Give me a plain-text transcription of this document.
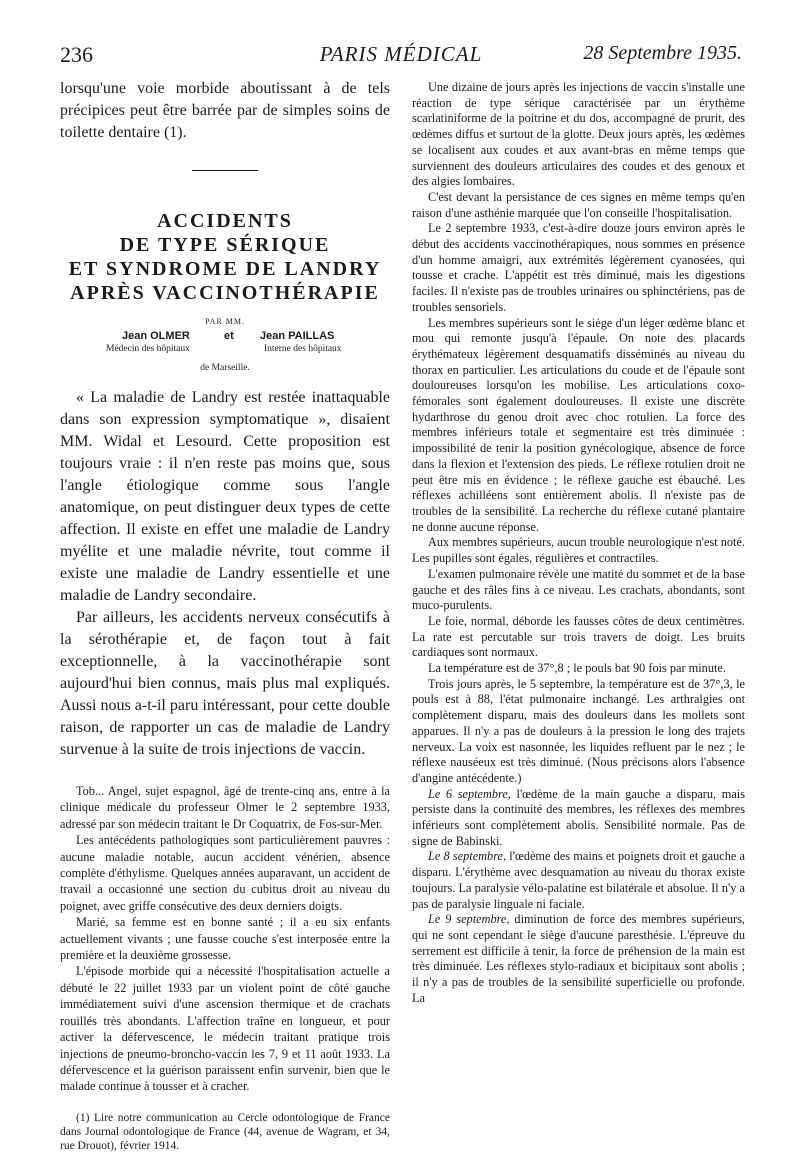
236	PARIS MÉDICAL	28 Septembre 1935.

lorsqu'une voie morbide aboutissant à de tels précipices peut être barrée par de simples soins de toilette dentaire (1).

ACCIDENTS
DE TYPE SÉRIQUE
ET SYNDROME DE LANDRY
APRÈS VACCINOTHÉRAPIE
PAR MM.
Jean OLMER	et Jean PAILLAS
Médecin des hôpitaux	Interne des hôpitaux
de Marseille.

« La maladie de Landry est restée inattaquable dans son expression symptomatique », disaient MM. Widal et Lesourd. Cette proposition est toujours vraie : il n'en reste pas moins que, sous l'angle étiologique comme sous l'angle anatomique, on peut distinguer deux types de cette affection. Il existe en effet une maladie de Landry myélite et une maladie névrite, tout comme il existe une maladie de Landry essentielle et une maladie de Landry secondaire.

Par ailleurs, les accidents nerveux consécutifs à la sérothérapie et, de façon tout à fait exceptionnelle, à la vaccinothérapie sont aujourd'hui bien connus, mais plus mal expliqués. Aussi nous a-t-il paru intéressant, pour cette double raison, de rapporter un cas de maladie de Landry survenue à la suite de trois injections de vaccin.

Tob... Angel, sujet espagnol, âgé de trente-cinq ans, entre à la clinique médicale du professeur Olmer le 2 septembre 1933, adressé par son médecin traitant le Dr Coquatrix, de Fos-sur-Mer.

Les antécédents pathologiques sont particulièrement pauvres : aucune maladie notable, aucun accident vénérien, absence complète d'éthylisme. Quelques années auparavant, un accident de travail a occasionné une section du cubitus droit au niveau du poignet, avec griffe consécutive des deux derniers doigts.

Marié, sa femme est en bonne santé ; il a eu six enfants actuellement vivants ; une fausse couche s'est interposée entre la première et la deuxième grossesse.

L'épisode morbide qui a nécessité l'hospitalisation actuelle a débuté le 22 juillet 1933 par un violent point de côté gauche immédiatement suivi d'une ascension thermique et de crachats rouillés très abondants. L'affection traîne en longueur, et pour activer la défervescence, le médecin traitant pratique trois injections de pneumo-broncho-vaccin les 7, 9 et 11 août 1933. La défervescence et la guérison paraissent enfin survenir, bien que le malade continue à tousser et à cracher.

(1) Lire notre communication au Cercle odontologique de France dans Journal odontologique de France (44, avenue de Wagram, et 34, rue Drouot), février 1914.

Une dizaine de jours après les injections de vaccin s'installe une réaction de type sérique caractérisée par un érythème scarlatiniforme de la poitrine et du dos, accompagné de prurit, des œdèmes diffus et surtout de la glotte. Deux jours après, les œdèmes se localisent aux coudes et aux avant-bras en même temps que surviennent des douleurs articulaires des coudes et des genoux et des algies lombaires.

C'est devant la persistance de ces signes en même temps qu'en raison d'une asthénie marquée que l'on conseille l'hospitalisation.

Le 2 septembre 1933, c'est-à-dire douze jours environ après le début des accidents vaccinothérapiques, nous sommes en présence d'un homme amaigri, aux extrémités légèrement cyanosées, qui tousse et crache. L'appétit est très diminué, mais les digestions faciles. Il n'existe pas de troubles urinaires ou sphinctériens, pas de troubles sensoriels.

Les membres supérieurs sont le siège d'un léger œdème blanc et mou qui remonte jusqu'à l'épaule. On note des placards érythémateux légèrement desquamatifs disséminés au niveau du thorax en particulier. Les articulations du coude et de l'épaule sont douloureuses lorsqu'on les mobilise. Les articulations coxo-fémorales sont également douloureuses. Il existe une discrète hydarthrose du genou droit avec choc rotulien. La force des membres inférieurs totale et segmentaire est très diminuée : impossibilité de tenir la position gynécologique, absence de force dans la flexion et l'extension des pieds. Le réflexe rotulien droit ne peut être mis en évidence ; le réflexe gauche est ébauché. Les réflexes achilléens sont entièrement abolis. Il n'existe pas de troubles de la sensibilité. La recherche du réflexe cutané plantaire ne donne aucune réponse.

Aux membres supérieurs, aucun trouble neurologique n'est noté. Les pupilles sont égales, régulières et contractiles.

L'examen pulmonaire révèle une matité du sommet et de la base gauche et des râles fins à ce niveau. Les crachats, abondants, sont muco-purulents.

Le foie, normal, déborde les fausses côtes de deux centimètres. La rate est percutable sur trois travers de doigt. Les bruits cardiaques sont normaux.

La température est de 37°,8 ; le pouls bat 90 fois par minute.

Trois jours après, le 5 septembre, la température est de 37°,3, le pouls est à 88, l'état pulmonaire inchangé. Les arthralgies ont complètement disparu, mais des douleurs dans les mollets sont apparues. Il n'y a pas de douleurs à la pression le long des trajets nerveux. La voix est nasonnée, les liquides refluent par le nez ; le réflexe nauséeux est très diminué. (Nous précisons alors l'absence d'angine antécédente.)

Le 6 septembre, l'œdème de la main gauche a disparu, mais persiste dans la continuité des membres, les réflexes des membres inférieurs sont complètement abolis. Sensibilité normale. Pas de signe de Babinski.

Le 8 septembre, l'œdème des mains et poignets droit et gauche a disparu. L'érythème avec desquamation au niveau du thorax existe toujours. La paralysie vélo-palatine est bilatérale et absolue. Il n'y a pas de paralysie linguale ni faciale.

Le 9 septembre, diminution de force des membres supérieurs, qui ne sont cependant le siège d'aucune paresthésie. L'épreuve du serrement est difficile à tenir, la force de préhension de la main est très diminuée. Les réflexes stylo-radiaux et bicipitaux sont abolis ; il n'y a pas de troubles de la sensibilité superficielle ou profonde. La
